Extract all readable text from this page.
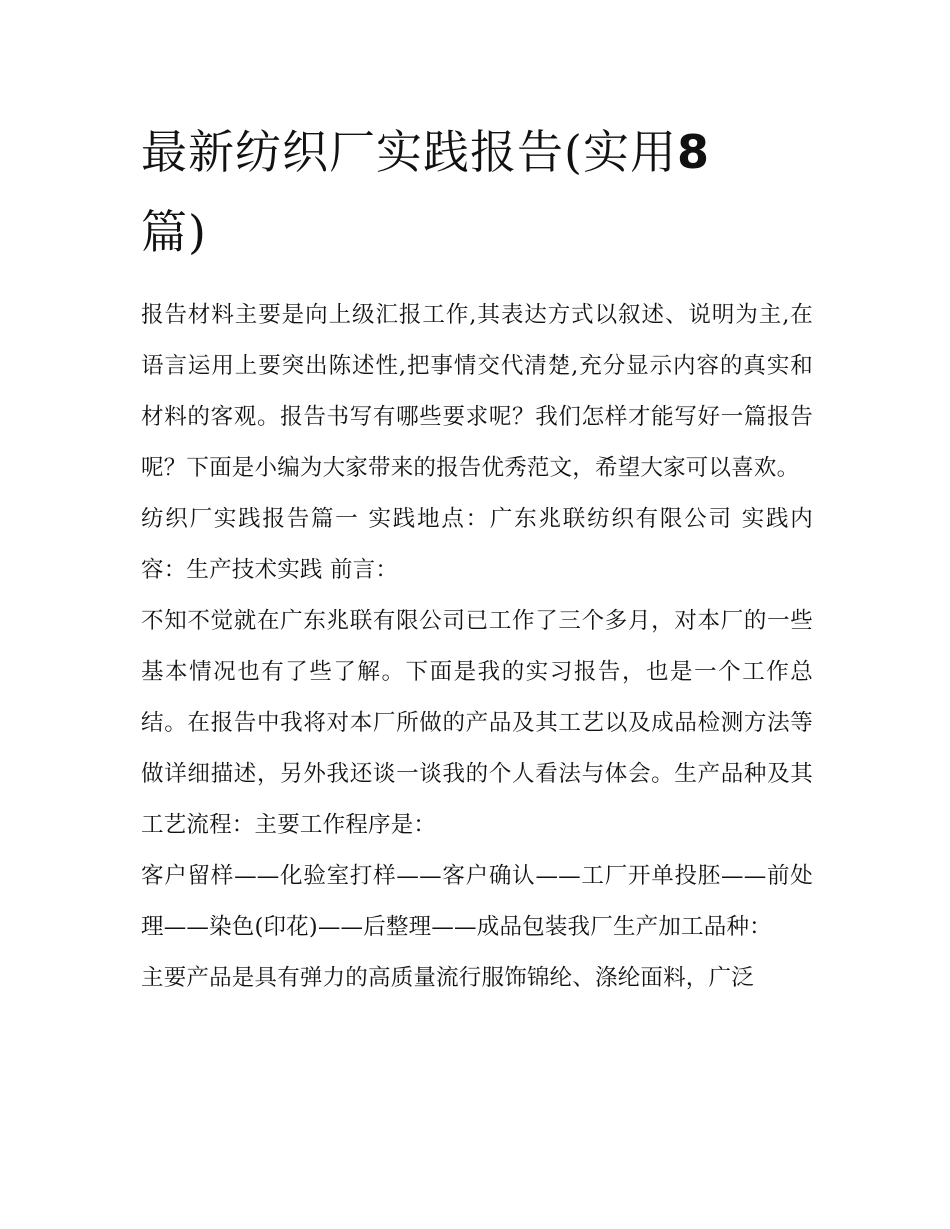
最新纺织厂实践报告(实用8
篇)

报告材料主要是向上级汇报工作,其表达方式以叙述、说明为主,在语言运用上要突出陈述性,把事情交代清楚,充分显示内容的真实和材料的客观。报告书写有哪些要求呢？我们怎样才能写好一篇报告呢？下面是小编为大家带来的报告优秀范文，希望大家可以喜欢。

纺织厂实践报告篇一 实践地点：广东兆联纺织有限公司 实践内容：生产技术实践 前言：

不知不觉就在广东兆联有限公司已工作了三个多月，对本厂的一些基本情况也有了些了解。下面是我的实习报告，也是一个工作总结。在报告中我将对本厂所做的产品及其工艺以及成品检测方法等做详细描述，另外我还谈一谈我的个人看法与体会。生产品种及其工艺流程：主要工作程序是：

客户留样——化验室打样——客户确认——工厂开单投胚——前处理——染色(印花)——后整理——成品包装我厂生产加工品种：

主要产品是具有弹力的高质量流行服饰锦纶、涤纶面料，广泛
